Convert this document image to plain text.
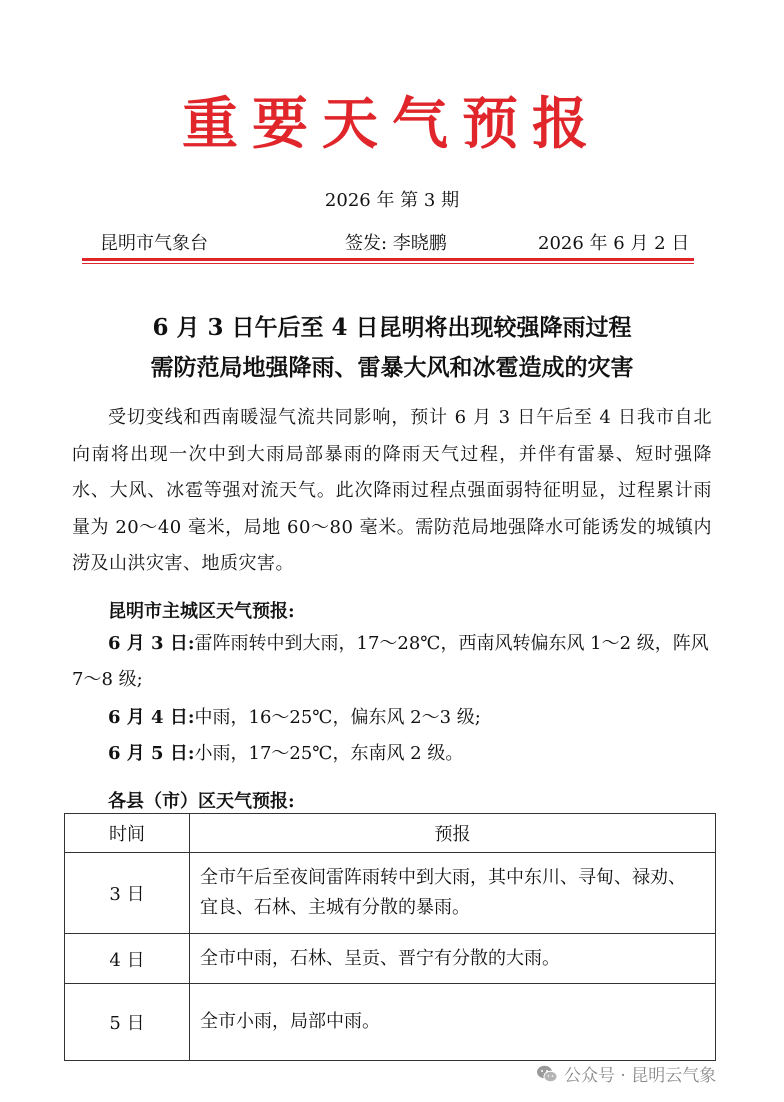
重要天气预报
2026 年 第 3 期
昆明市气象台	签发: 李晓鹏	2026 年 6 月 2 日
6 月 3 日午后至 4 日昆明将出现较强降雨过程
需防范局地强降雨、雷暴大风和冰雹造成的灾害
受切变线和西南暖湿气流共同影响，预计 6 月 3 日午后至 4 日我市自北向南将出现一次中到大雨局部暴雨的降雨天气过程，并伴有雷暴、短时强降水、大风、冰雹等强对流天气。此次降雨过程点强面弱特征明显，过程累计雨量为 20～40 毫米，局地 60～80 毫米。需防范局地强降水可能诱发的城镇内涝及山洪灾害、地质灾害。
昆明市主城区天气预报:
6 月 3 日:雷阵雨转中到大雨，17～28℃，西南风转偏东风 1～2 级，阵风 7～8 级;
6 月 4 日:中雨，16～25℃，偏东风 2～3 级;
6 月 5 日:小雨，17～25℃，东南风 2 级。
各县（市）区天气预报:
时间	预报
3 日	全市午后至夜间雷阵雨转中到大雨，其中东川、寻甸、禄劝、宜良、石林、主城有分散的暴雨。
4 日	全市中雨，石林、呈贡、晋宁有分散的大雨。
5 日	全市小雨，局部中雨。
公众号 · 昆明云气象
